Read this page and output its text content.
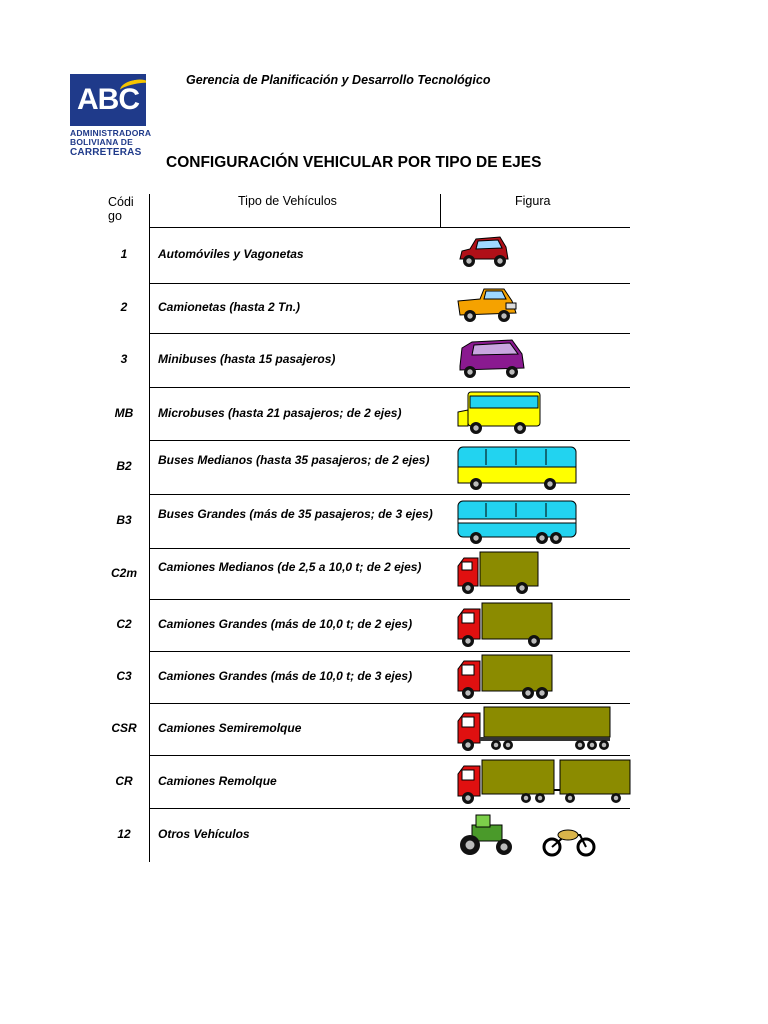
ABC
ADMINISTRADORA
BOLIVIANA DE
CARRETERAS
Gerencia de Planificación y Desarrollo Tecnológico
CONFIGURACIÓN VEHICULAR POR TIPO DE EJES
Códi
go
Tipo de Vehículos	Figura
1	Automóviles y Vagonetas
2	Camionetas (hasta 2 Tn.)
3	Minibuses (hasta 15 pasajeros)
MB	Microbuses (hasta 21 pasajeros; de 2 ejes)
B2	Buses Medianos (hasta 35 pasajeros; de 2 ejes)
B3	Buses Grandes (más de 35 pasajeros; de 3 ejes)
C2m	Camiones Medianos (de 2,5 a 10,0 t; de 2 ejes)
C2	Camiones Grandes (más de 10,0 t; de 2 ejes)
C3	Camiones Grandes (más de 10,0 t; de 3 ejes)
CSR	Camiones Semiremolque
CR	Camiones Remolque
12	Otros Vehículos
